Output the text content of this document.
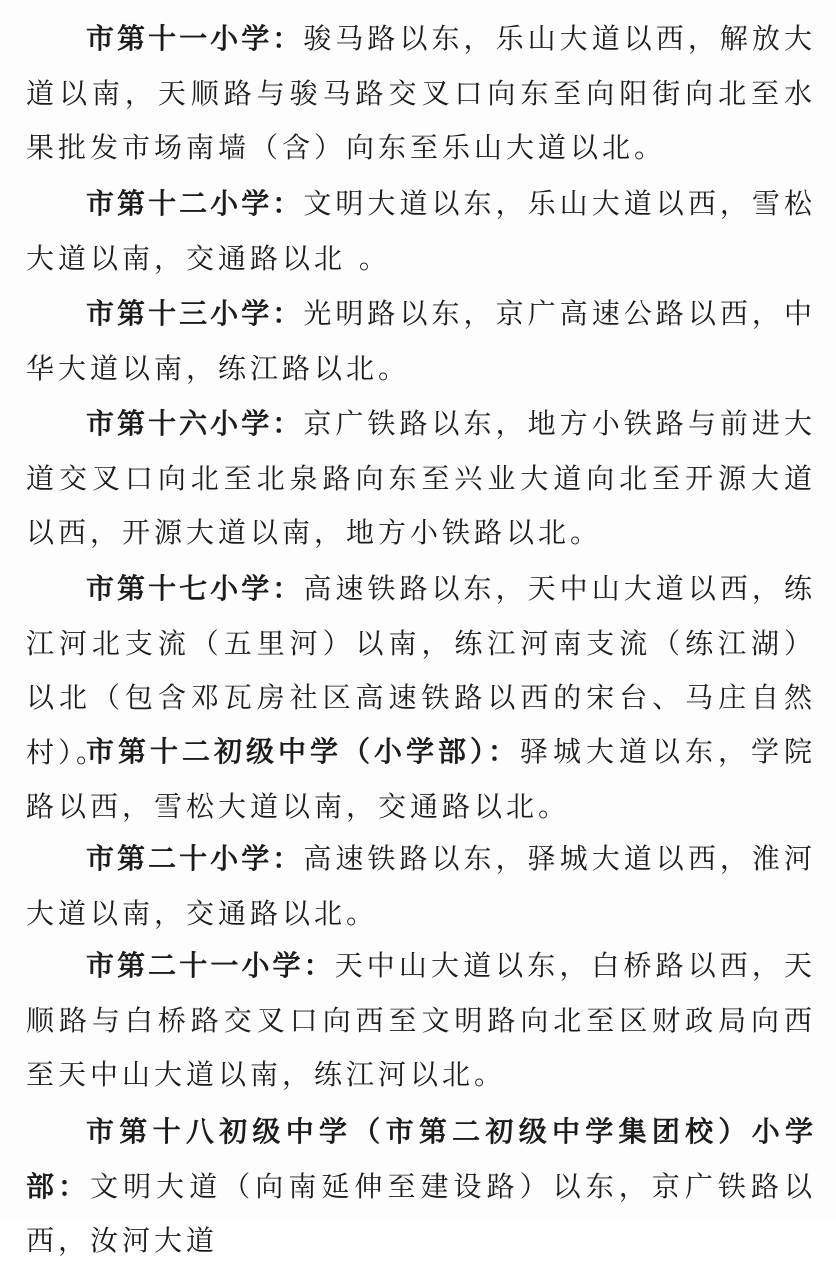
市第十一小学：骏马路以东，乐山大道以西，解放大道以南，天顺路与骏马路交叉口向东至向阳街向北至水果批发市场南墙（含）向东至乐山大道以北。

市第十二小学：文明大道以东，乐山大道以西，雪松大道以南，交通路以北 。

市第十三小学：光明路以东，京广高速公路以西，中华大道以南，练江路以北。

市第十六小学：京广铁路以东，地方小铁路与前进大道交叉口向北至北泉路向东至兴业大道向北至开源大道以西，开源大道以南，地方小铁路以北。

市第十七小学：高速铁路以东，天中山大道以西，练江河北支流（五里河）以南，练江河南支流（练江湖）以北（包含邓瓦房社区高速铁路以西的宋台、马庄自然村）。

市第十二初级中学（小学部）：驿城大道以东，学院路以西，雪松大道以南，交通路以北。

市第二十小学：高速铁路以东，驿城大道以西，淮河大道以南，交通路以北。

市第二十一小学：天中山大道以东，白桥路以西，天顺路与白桥路交叉口向西至文明路向北至区财政局向西至天中山大道以南，练江河以北。

市第十八初级中学（市第二初级中学集团校）小学部：文明大道（向南延伸至建设路）以东，京广铁路以西，汝河大道
